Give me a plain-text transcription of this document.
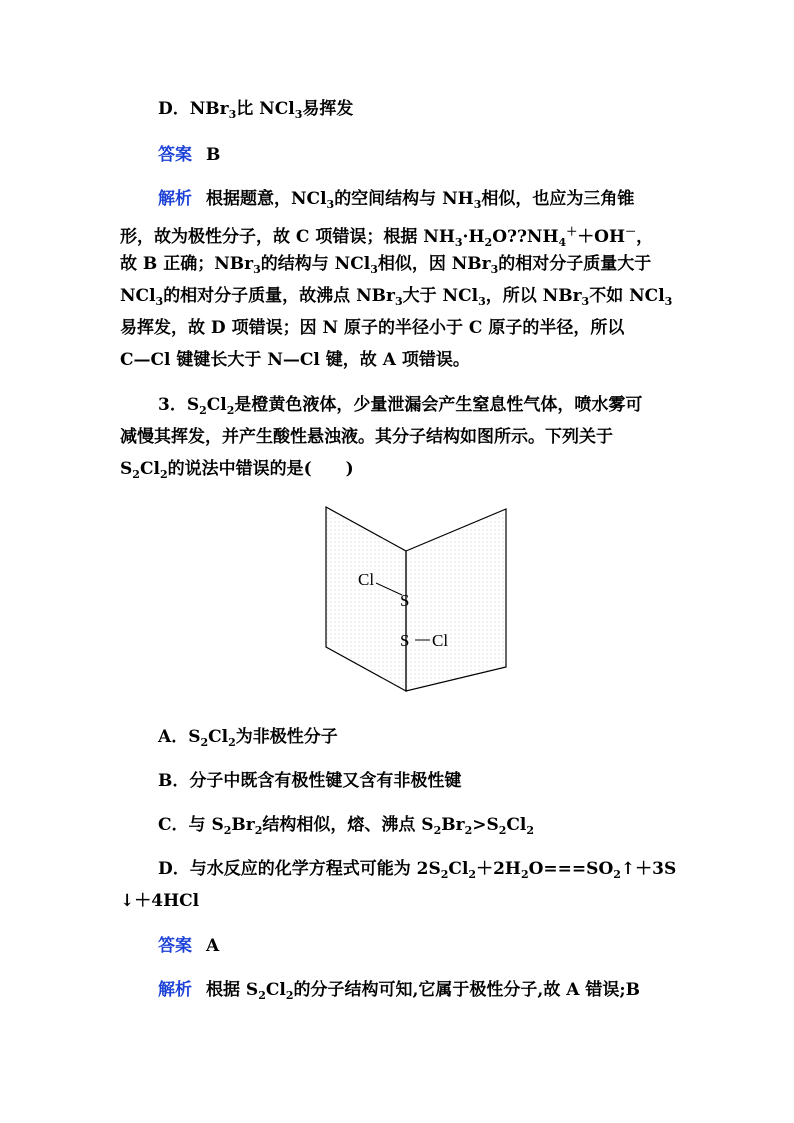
D．NBr$_3$比 NCl$_3$易挥发
答案 B
解析 根据题意，NCl$_3$的空间结构与 $NH_3$相似，也应为三角锥
形，故为极性分子，故 C 项错误；根据 $NH_3\cdot H_2O??NH_4^++OH^-$，
故 B 正确；NBr$_3$的结构与 NCl$_3$相似，因 NBr$_3$的相对分子质量大于
NCl$_3$的相对分子质量，故沸点 NBr$_3$大于 NCl$_3$，所以 NBr$_3$不如 NCl$_3$
易挥发，故 D 项错误；因 N 原子的半径小于 C 原子的半径，所以
C—Cl 键键长大于 N—Cl 键，故 A 项错误。
3．$S_2Cl_2$是橙黄色液体，少量泄漏会产生窒息性气体，喷水雾可
减慢其挥发，并产生酸性悬浊液。其分子结构如图所示。下列关于
$S_2Cl_2$的说法中错误的是(　　)
Cl
S
S Cl
A．$S_2Cl_2$为非极性分子
B．分子中既含有极性键又含有非极性键
C．与 $S_2Br_2$结构相似，熔、沸点 $S_2Br_2>S_2Cl_2$
D．与水反应的化学方程式可能为 $2S_2Cl_2+2H_2O===SO_2↑+3S$
↓＋4HCl
答案 A
解析 根据 $S_2Cl_2$的分子结构可知,它属于极性分子,故 A 错误;B
